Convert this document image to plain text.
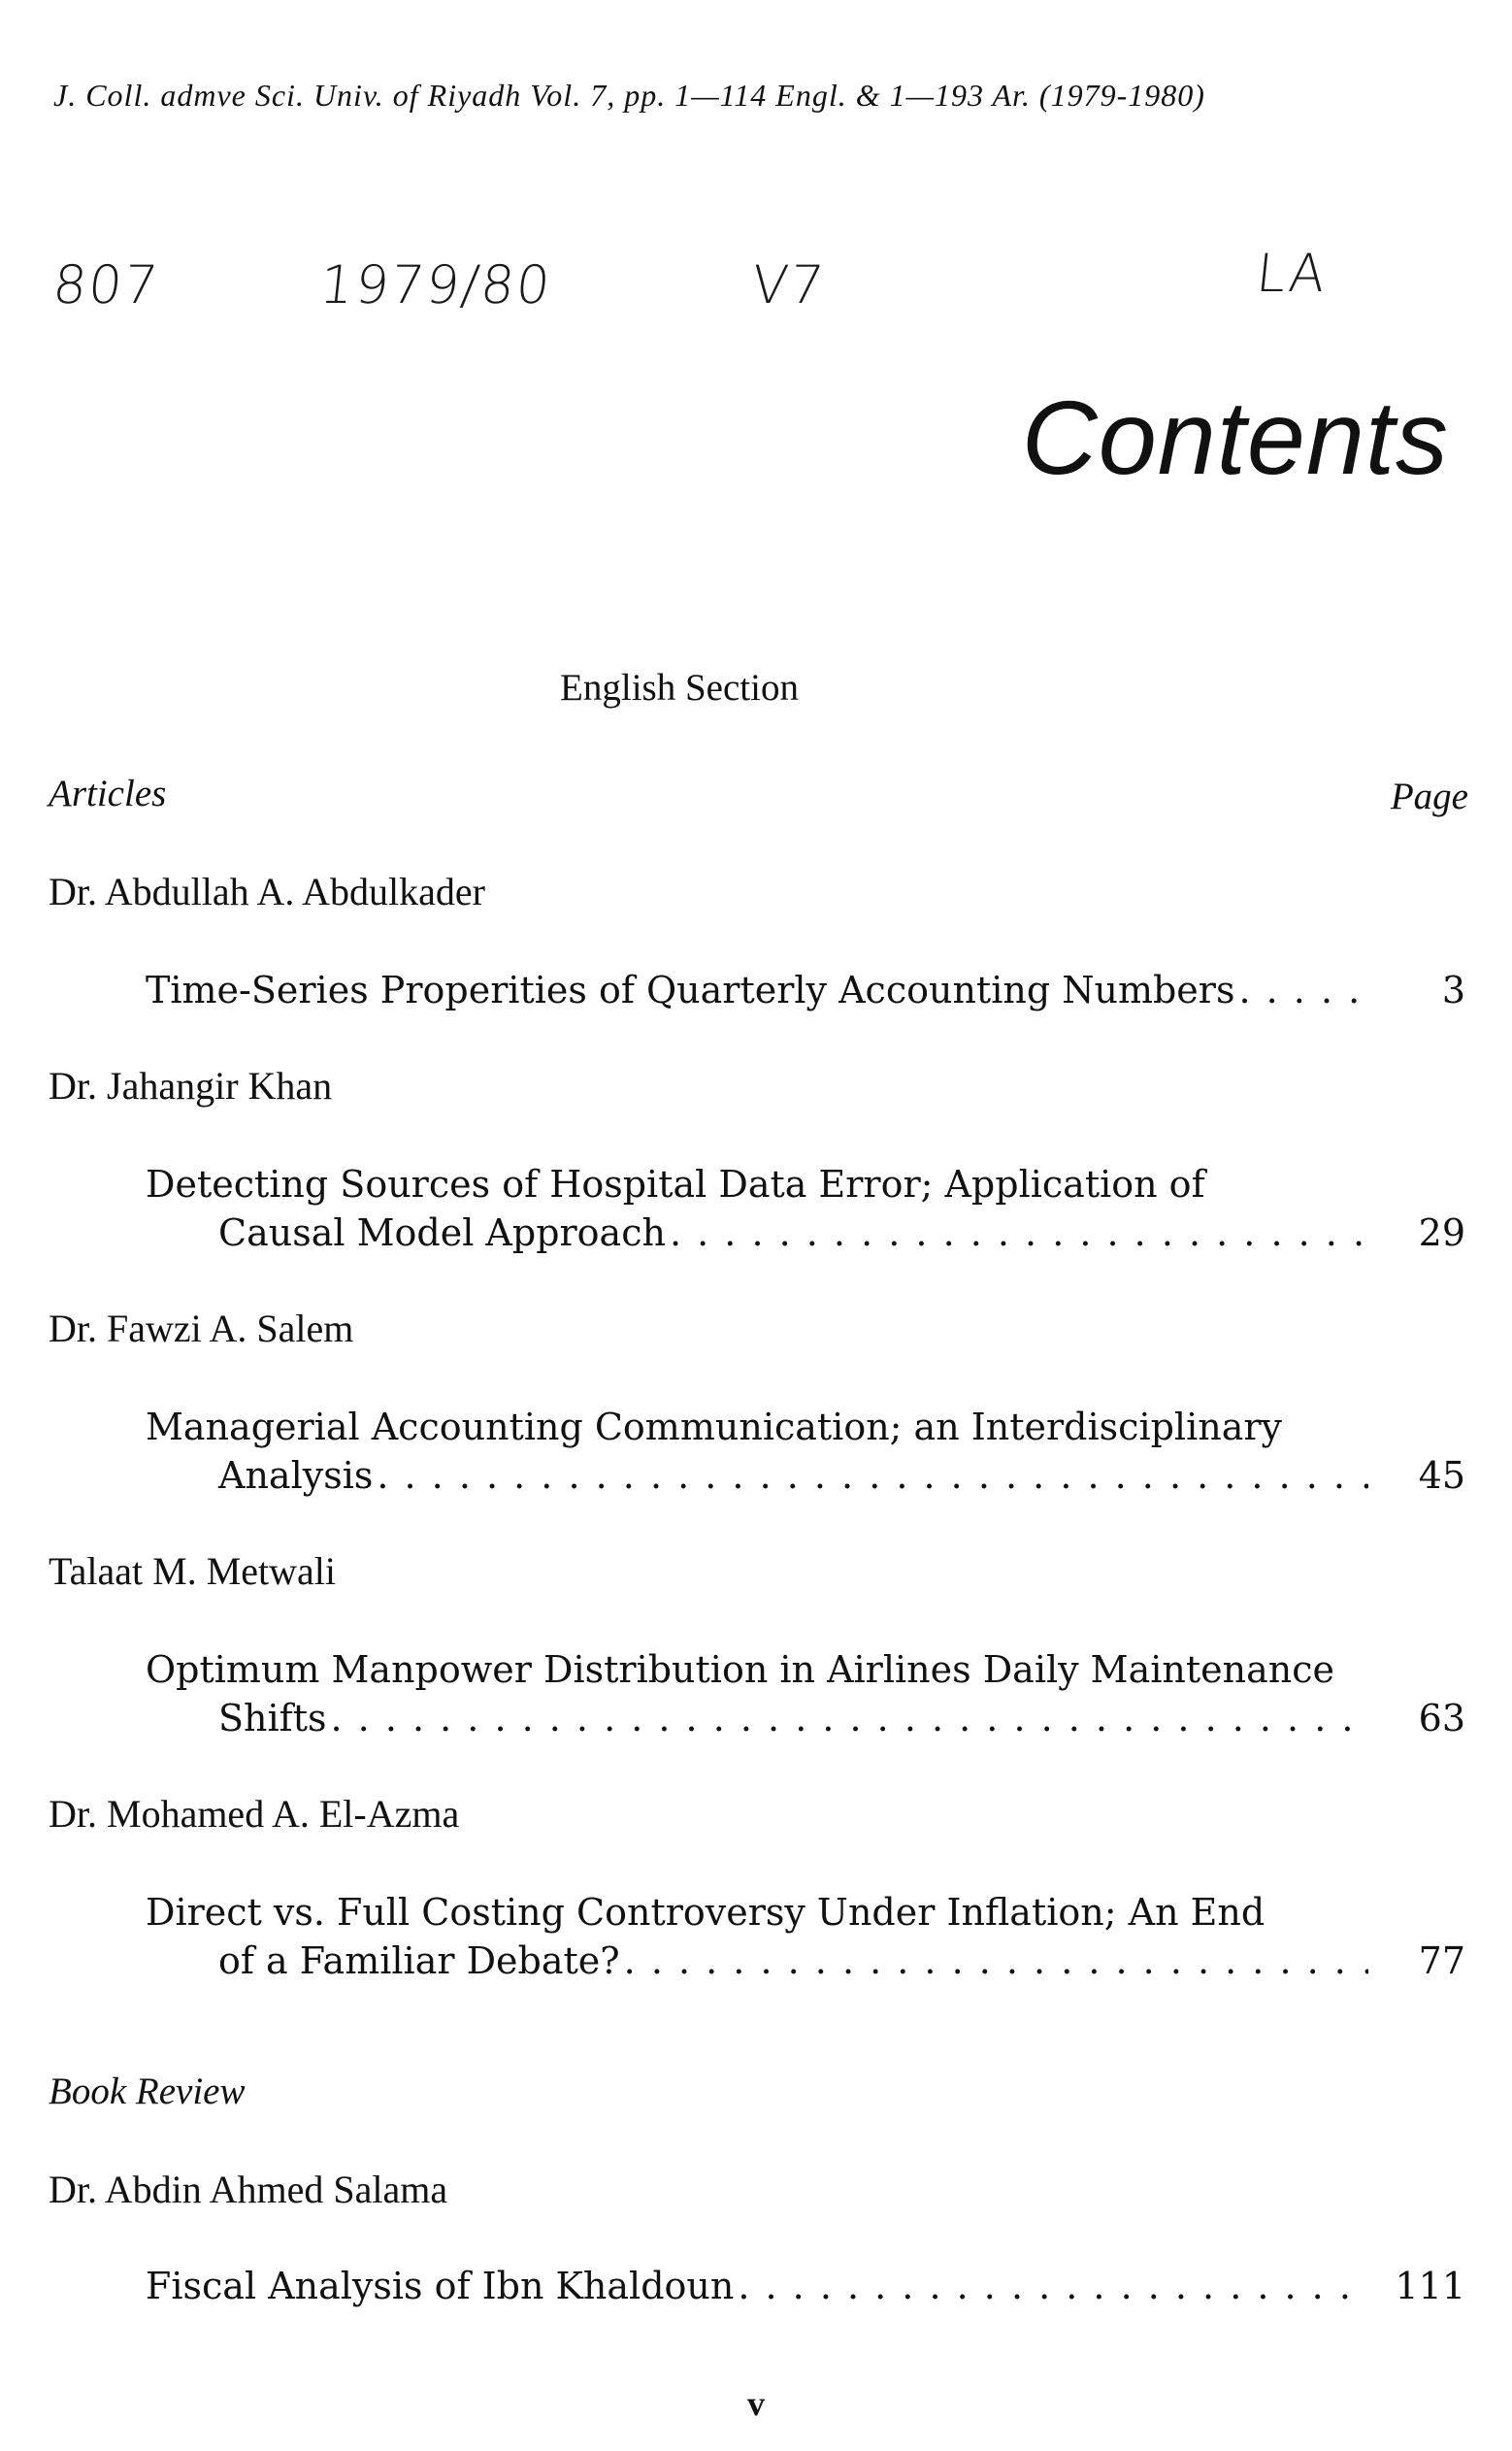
J. Coll. admve Sci. Univ. of Riyadh Vol. 7, pp. 1—114 Engl. & 1—193 Ar. (1979-1980)
807	1979/80	V7	LA
Contents
English Section
Articles	Page
Dr. Abdullah A. Abdulkader
Time-Series Properities of Quarterly Accounting Numbers . . .	3
Dr. Jahangir Khan
Detecting Sources of Hospital Data Error; Application of
Causal Model Approach . . .	29
Dr. Fawzi A. Salem
Managerial Accounting Communication; an Interdisciplinary
Analysis . . .	45
Talaat M. Metwali
Optimum Manpower Distribution in Airlines Daily Maintenance
Shifts . . .	63
Dr. Mohamed A. El-Azma
Direct vs. Full Costing Controversy Under Inflation; An End
of a Familiar Debate? . . .	77
Book Review
Dr. Abdin Ahmed Salama
Fiscal Analysis of Ibn Khaldoun . . .	111
v
